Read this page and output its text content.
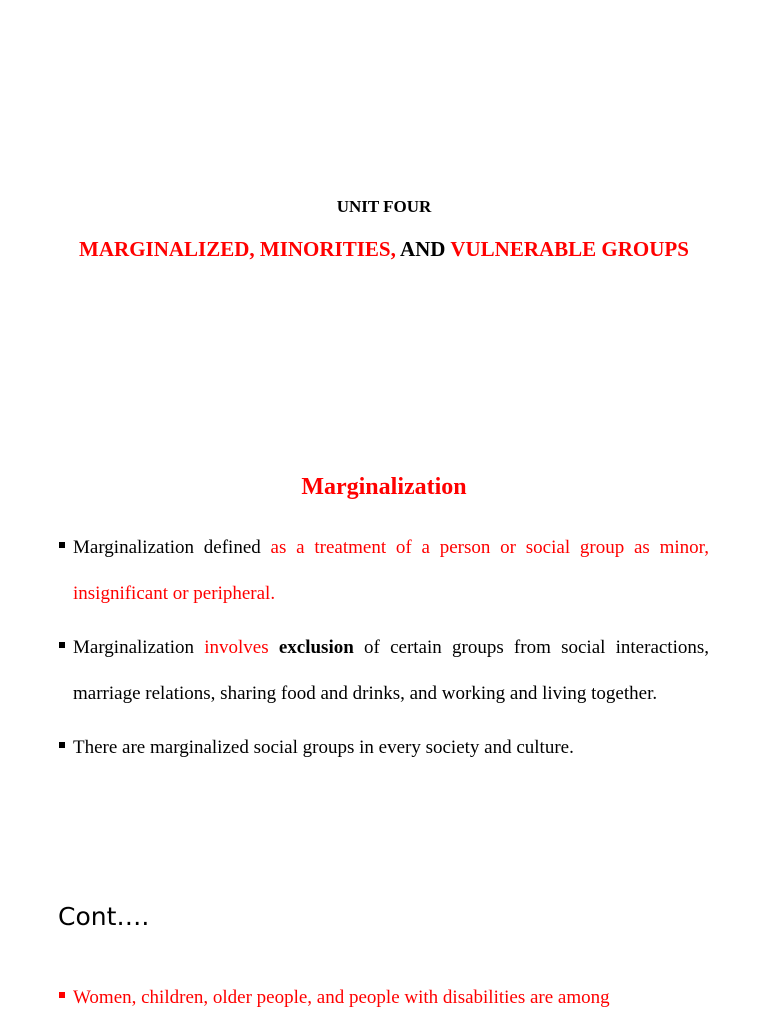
UNIT FOUR
MARGINALIZED, MINORITIES, AND VULNERABLE GROUPS
Marginalization
Marginalization defined as a treatment of a person or social group as minor, insignificant or peripheral.
Marginalization involves exclusion of certain groups from social interactions, marriage relations, sharing food and drinks, and working and living together.
There are marginalized social groups in every society and culture.
Cont….
Women, children, older people, and people with disabilities are among
